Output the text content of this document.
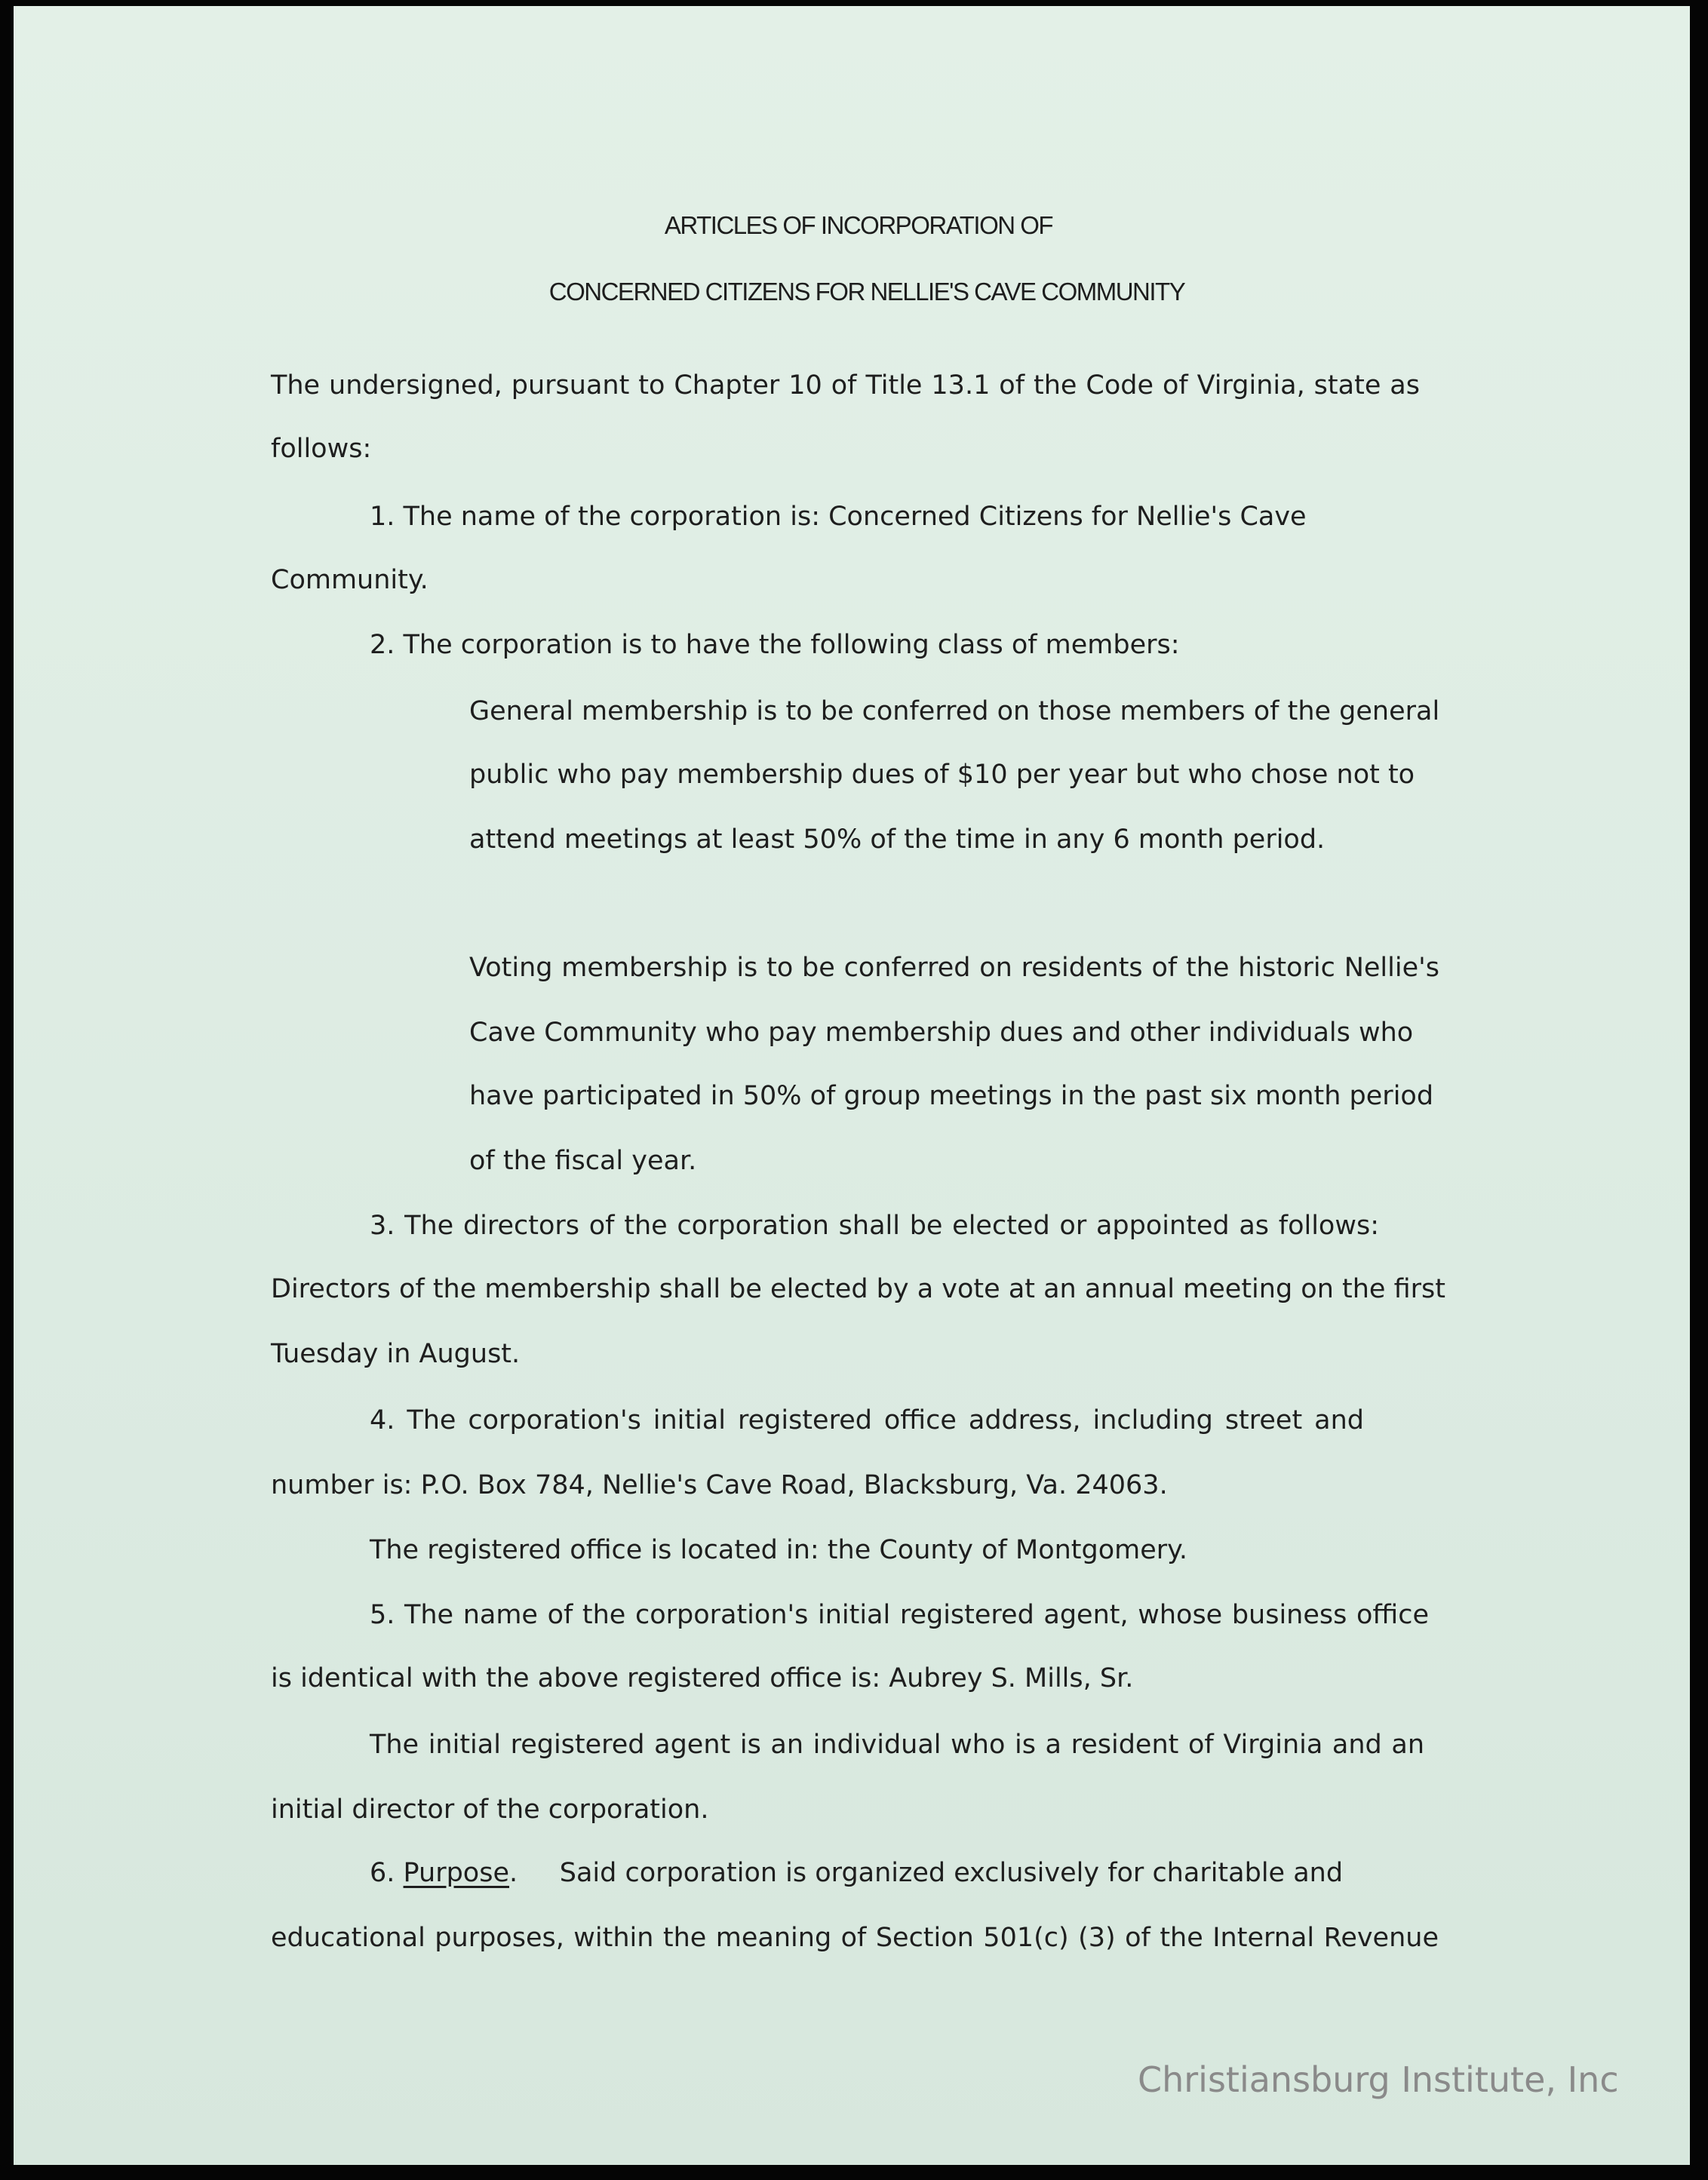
ARTICLES OF INCORPORATION OF
CONCERNED CITIZENS FOR NELLIE'S CAVE COMMUNITY
The undersigned, pursuant to Chapter 10 of Title 13.1 of the Code of Virginia, state as
follows:
1. The name of the corporation is: Concerned Citizens for Nellie's Cave
Community.
2. The corporation is to have the following class of members:
General membership is to be conferred on those members of the general
public who pay membership dues of $10 per year but who chose not to
attend meetings at least 50% of the time in any 6 month period.
Voting membership is to be conferred on residents of the historic Nellie's
Cave Community who pay membership dues and other individuals who
have participated in 50% of group meetings in the past six month period
of the fiscal year.
3. The directors of the corporation shall be elected or appointed as follows:
Directors of the membership shall be elected by a vote at an annual meeting on the first
Tuesday in August.
4. The corporation's initial registered office address, including street and
number is: P.O. Box 784, Nellie's Cave Road, Blacksburg, Va. 24063.
The registered office is located in: the County of Montgomery.
5. The name of the corporation's initial registered agent, whose business office
is identical with the above registered office is: Aubrey S. Mills, Sr.
The initial registered agent is an individual who is a resident of Virginia and an
initial director of the corporation.
6. Purpose.     Said corporation is organized exclusively for charitable and
educational purposes, within the meaning of Section 501(c) (3) of the Internal Revenue
Christiansburg Institute, Inc
